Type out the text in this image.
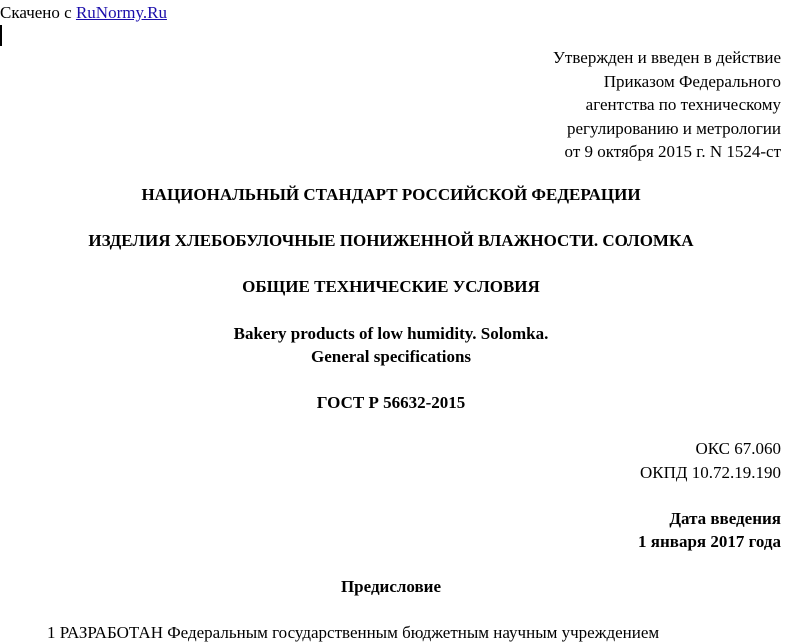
Скачено с RuNormy.Ru
Утвержден и введен в действие
Приказом Федерального
агентства по техническому
регулированию и метрологии
от 9 октября 2015 г. N 1524-ст
НАЦИОНАЛЬНЫЙ СТАНДАРТ РОССИЙСКОЙ ФЕДЕРАЦИИ
ИЗДЕЛИЯ ХЛЕБОБУЛОЧНЫЕ ПОНИЖЕННОЙ ВЛАЖНОСТИ. СОЛОМКА
ОБЩИЕ ТЕХНИЧЕСКИЕ УСЛОВИЯ
Bakery products of low humidity. Solomka.
General specifications
ГОСТ Р 56632-2015
ОКС 67.060
ОКПД 10.72.19.190
Дата введения
1 января 2017 года
Предисловие
1 РАЗРАБОТАН Федеральным государственным бюджетным научным учреждением
